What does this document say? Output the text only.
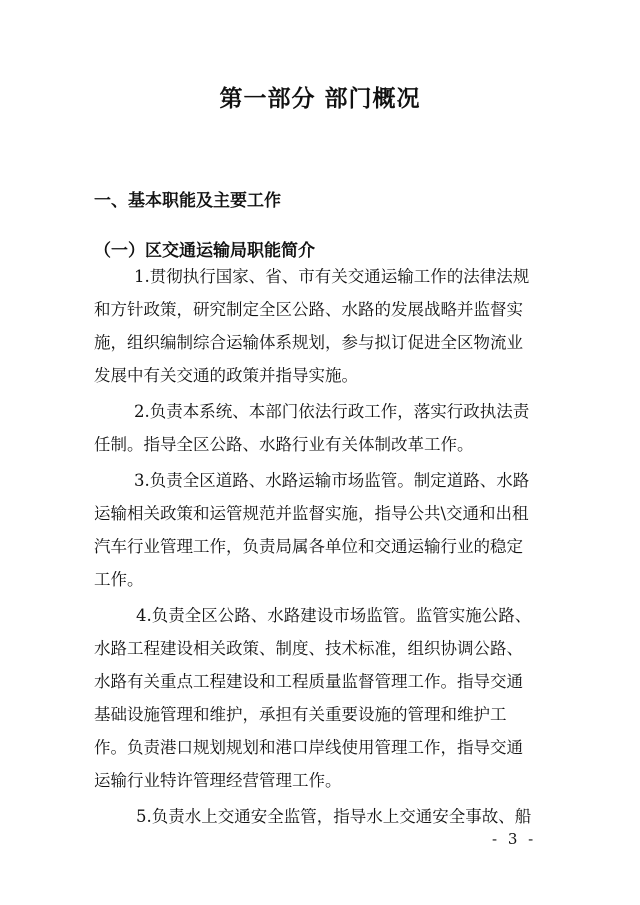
第一部分 部门概况
一、基本职能及主要工作
（一）区交通运输局职能简介
1.贯彻执行国家、省、市有关交通运输工作的法律法规
和方针政策，研究制定全区公路、水路的发展战略并监督实
施，组织编制综合运输体系规划，参与拟订促进全区物流业
发展中有关交通的政策并指导实施。
2.负责本系统、本部门依法行政工作，落实行政执法责
任制。指导全区公路、水路行业有关体制改革工作。
3.负责全区道路、水路运输市场监管。制定道路、水路
运输相关政策和运管规范并监督实施，指导公共\交通和出租
汽车行业管理工作，负责局属各单位和交通运输行业的稳定
工作。
4.负责全区公路、水路建设市场监管。监管实施公路、
水路工程建设相关政策、制度、技术标准，组织协调公路、
水路有关重点工程建设和工程质量监督管理工作。指导交通
基础设施管理和维护，承担有关重要设施的管理和维护工
作。负责港口规划规划和港口岸线使用管理工作，指导交通
运输行业特许管理经营管理工作。
5.负责水上交通安全监管，指导水上交通安全事故、船
- 3 -
